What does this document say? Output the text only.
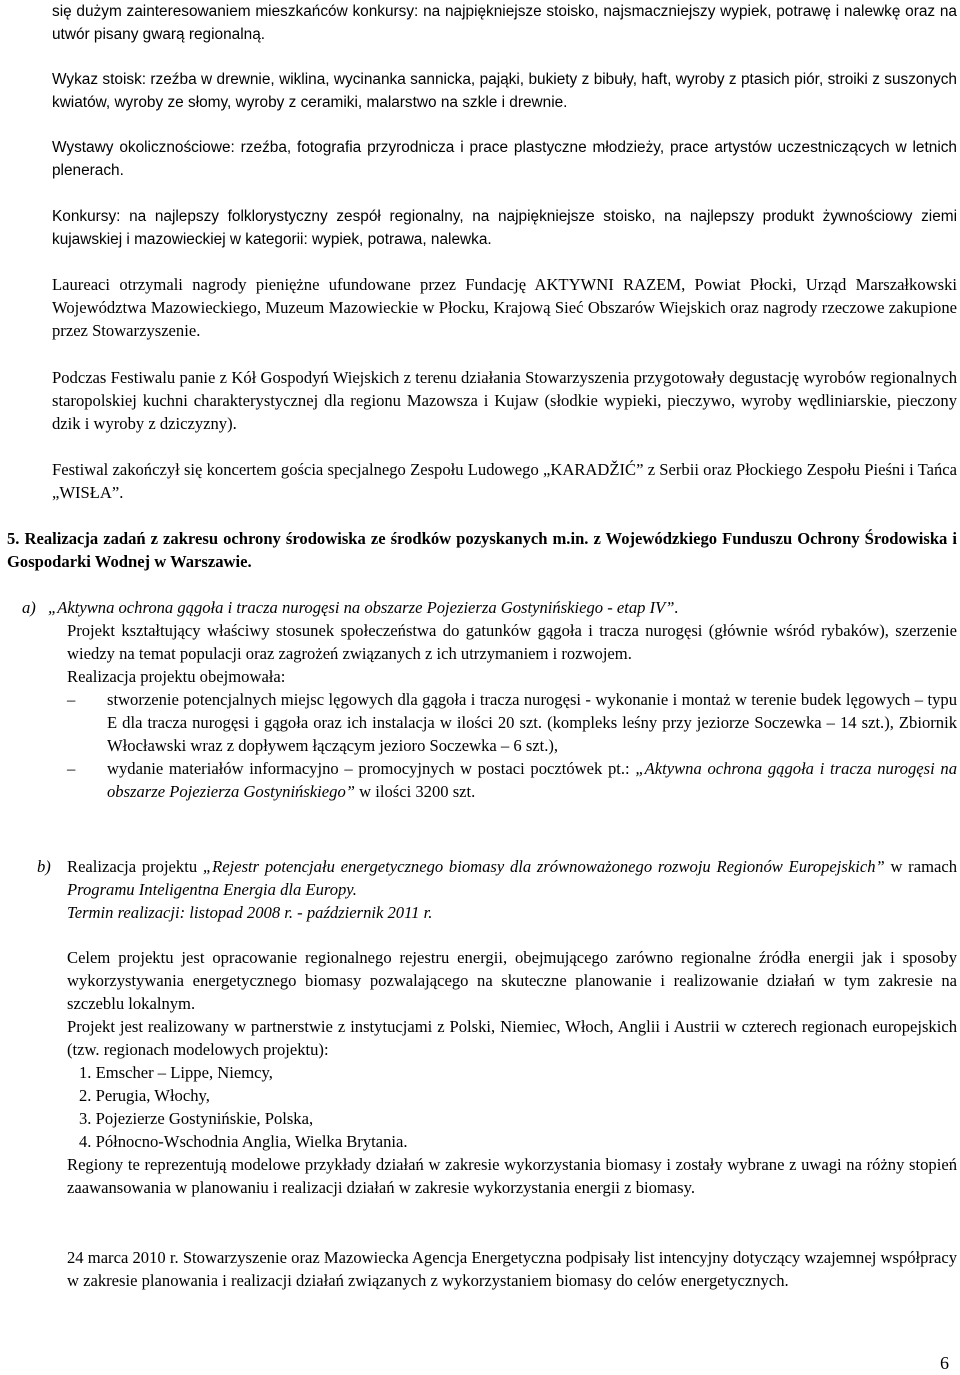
się dużym zainteresowaniem mieszkańców konkursy: na najpiękniejsze stoisko, najsmaczniejszy wypiek, potrawę i nalewkę oraz na utwór pisany gwarą regionalną.

Wykaz stoisk: rzeźba w drewnie, wiklina, wycinanka sannicka, pająki, bukiety z bibuły, haft, wyroby z ptasich piór, stroiki z suszonych kwiatów, wyroby ze słomy, wyroby z ceramiki, malarstwo na szkle i drewnie.

Wystawy okolicznościowe: rzeźba, fotografia przyrodnicza i prace plastyczne młodzieży, prace artystów uczestniczących w letnich plenerach.

Konkursy: na najlepszy folklorystyczny zespół regionalny, na najpiękniejsze stoisko, na najlepszy produkt żywnościowy ziemi kujawskiej i mazowieckiej w kategorii: wypiek, potrawa, nalewka.

Laureaci otrzymali nagrody pieniężne ufundowane przez Fundację AKTYWNI RAZEM, Powiat Płocki, Urząd Marszałkowski Województwa Mazowieckiego, Muzeum Mazowieckie w Płocku, Krajową Sieć Obszarów Wiejskich oraz nagrody rzeczowe zakupione przez Stowarzyszenie.

Podczas Festiwalu panie z Kół Gospodyń Wiejskich z terenu działania Stowarzyszenia przygotowały degustację wyrobów regionalnych staropolskiej kuchni charakterystycznej dla regionu Mazowsza i Kujaw (słodkie wypieki, pieczywo, wyroby wędliniarskie, pieczony dzik i wyroby z dziczyzny).

Festiwal zakończył się koncertem gościa specjalnego Zespołu Ludowego „KARADŽIĆ” z Serbii oraz Płockiego Zespołu Pieśni i Tańca „WISŁA”.

5. Realizacja zadań z zakresu ochrony środowiska ze środków pozyskanych m.in. z Wojewódzkiego Funduszu Ochrony Środowiska i Gospodarki Wodnej w Warszawie.

a) „Aktywna ochrona gągoła i tracza nurogęsi na obszarze Pojezierza Gostynińskiego - etap IV”.

Projekt kształtujący właściwy stosunek społeczeństwa do gatunków gągoła i tracza nurogęsi (głównie wśród rybaków), szerzenie wiedzy na temat populacji oraz zagrożeń związanych z ich utrzymaniem i rozwojem.

Realizacja projektu obejmowała:

– stworzenie potencjalnych miejsc lęgowych dla gągoła i tracza nurogęsi - wykonanie i montaż w terenie budek lęgowych – typu E dla tracza nurogęsi i gągoła oraz ich instalacja w ilości 20 szt. (kompleks leśny przy jeziorze Soczewka – 14 szt.), Zbiornik Włocławski wraz z dopływem łączącym jezioro Soczewka – 6 szt.),
– wydanie materiałów informacyjno – promocyjnych w postaci pocztówek pt.: „Aktywna ochrona gągoła i tracza nurogęsi na obszarze Pojezierza Gostynińskiego” w ilości 3200 szt.
b) Realizacja projektu „Rejestr potencjału energetycznego biomasy dla zrównoważonego rozwoju Regionów Europejskich” w ramach Programu Inteligentna Energia dla Europy.

Termin realizacji: listopad 2008 r. - październik 2011 r.

Celem projektu jest opracowanie regionalnego rejestru energii, obejmującego zarówno regionalne źródła energii jak i sposoby wykorzystywania energetycznego biomasy pozwalającego na skuteczne planowanie i realizowanie działań w tym zakresie na szczeblu lokalnym.

Projekt jest realizowany w partnerstwie z instytucjami z Polski, Niemiec, Włoch, Anglii i Austrii w czterech regionach europejskich (tzw. regionach modelowych projektu):

1. Emscher – Lippe, Niemcy,
2. Perugia, Włochy,
3. Pojezierze Gostynińskie, Polska,
4. Północno-Wschodnia Anglia, Wielka Brytania.

Regiony te reprezentują modelowe przykłady działań w zakresie wykorzystania biomasy i zostały wybrane z uwagi na różny stopień zaawansowania w planowaniu i realizacji działań w zakresie wykorzystania energii z biomasy.

24 marca 2010 r. Stowarzyszenie oraz Mazowiecka Agencja Energetyczna podpisały list intencyjny dotyczący wzajemnej współpracy w zakresie planowania i realizacji działań związanych z wykorzystaniem biomasy do celów energetycznych.

6
